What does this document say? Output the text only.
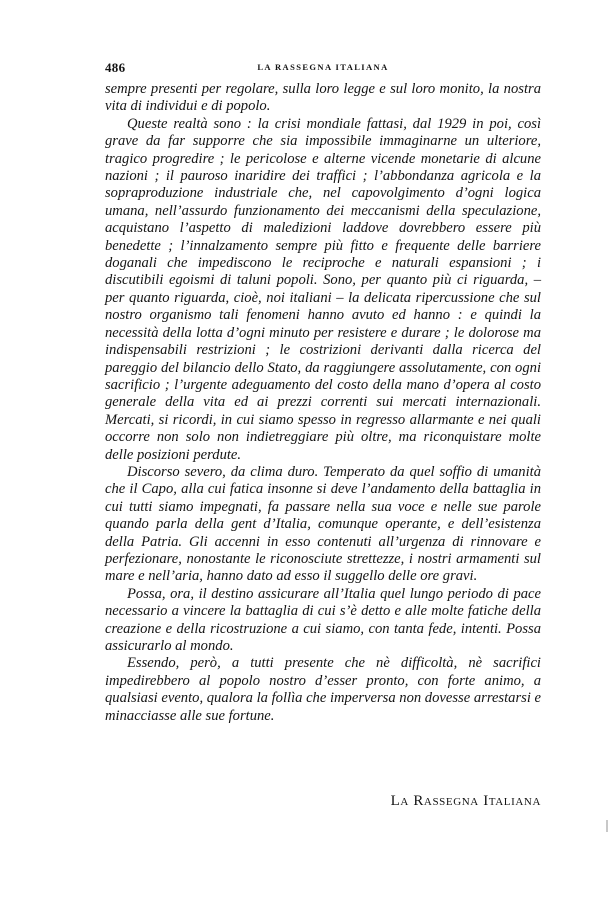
486	LA RASSEGNA ITALIANA

sempre presenti per regolare, sulla loro legge e sul loro monito, la nostra vita di individui e di popolo.

Queste realtà sono : la crisi mondiale fattasi, dal 1929 in poi, così grave da far supporre che sia impossibile immaginarne un ulteriore, tragico progredire ; le pericolose e alterne vicende monetarie di alcune nazioni ; il pauroso inaridire dei traffici ; l’abbondanza agricola e la sopraproduzione industriale che, nel capovolgimento d’ogni logica umana, nell’assurdo funzionamento dei meccanismi della speculazione, acquistano l’aspetto di maledizioni laddove dovrebbero essere più benedette ; l’innalzamento sempre più fitto e frequente delle barriere doganali che impediscono le reciproche e naturali espansioni ; i discutibili egoismi di taluni popoli. Sono, per quanto più ci riguarda, – per quanto riguarda, cioè, noi italiani – la delicata ripercussione che sul nostro organismo tali fenomeni hanno avuto ed hanno : e quindi la necessità della lotta d’ogni minuto per resistere e durare ; le dolorose ma indispensabili restrizioni ; le costrizioni derivanti dalla ricerca del pareggio del bilancio dello Stato, da raggiungere assolutamente, con ogni sacrificio ; l’urgente adeguamento del costo della mano d’opera al costo generale della vita ed ai prezzi correnti sui mercati internazionali. Mercati, si ricordi, in cui siamo spesso in regresso allarmante e nei quali occorre non solo non indietreggiare più oltre, ma riconquistare molte delle posizioni perdute.

Discorso severo, da clima duro. Temperato da quel soffio di umanità che il Capo, alla cui fatica insonne si deve l’andamento della battaglia in cui tutti siamo impegnati, fa passare nella sua voce e nelle sue parole quando parla della gent d’Italia, comunque operante, e dell’esistenza della Patria. Gli accenni in esso contenuti all’urgenza di rinnovare e perfezionare, nonostante le riconosciute strettezze, i nostri armamenti sul mare e nell’aria, hanno dato ad esso il suggello delle ore gravi.

Possa, ora, il destino assicurare all’Italia quel lungo periodo di pace necessario a vincere la battaglia di cui s’è detto e alle molte fatiche della creazione e della ricostruzione a cui siamo, con tanta fede, intenti. Possa assicurarlo al mondo.

Essendo, però, a tutti presente che nè difficoltà, nè sacrifici impedirebbero al popolo nostro d’esser pronto, con forte animo, a qualsiasi evento, qualora la follìa che imperversa non dovesse arrestarsi e minacciasse alle sue fortune.

La Rassegna Italiana
